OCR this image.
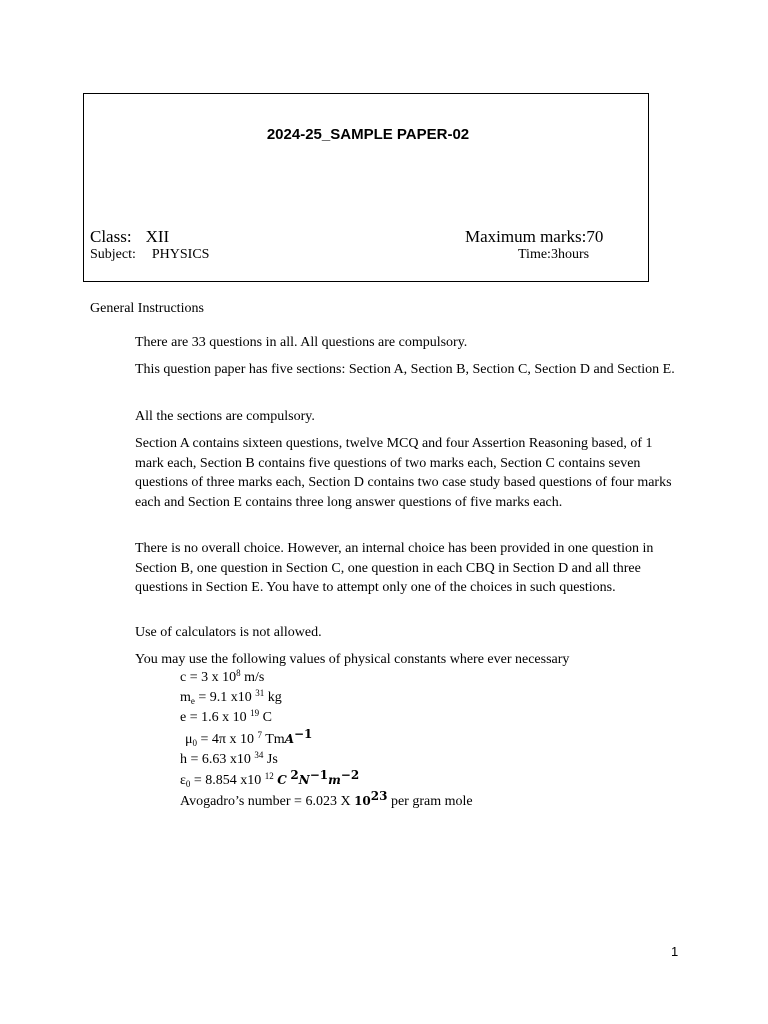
2024-25_SAMPLE PAPER-02
Class: XII	Maximum marks:70
Subject: PHYSICS	Time:3hours
General Instructions

There are 33 questions in all. All questions are compulsory.

This question paper has five sections: Section A, Section B, Section C, Section D and Section E.

All the sections are compulsory.

Section A contains sixteen questions, twelve MCQ and four Assertion Reasoning based, of 1 mark each, Section B contains five questions of two marks each, Section C contains seven questions of three marks each, Section D contains two case study based questions of four marks each and Section E contains three long answer questions of five marks each.

There is no overall choice. However, an internal choice has been provided in one question in Section B, one question in Section C, one question in each CBQ in Section D and all three questions in Section E. You have to attempt only one of the choices in such questions.

Use of calculators is not allowed.

You may use the following values of physical constants where ever necessary

c = 3 x $10^8$ m/s
$m_e = 9.1$ x10 $^{31}$ kg
e = 1.6 x 10 $^{19}$ C
$\mu_0 = 4\pi$ x 10 $^7$ TmA$^{-1}$
h = 6.63 x10 $^{34}$ Js
$\varepsilon_0 = 8.854$ x10 $^{12}$ C $^2N^{-1}m^{-2}$
Avogadro’s number = 6.023 X $10^{23}$ per gram mole
1
